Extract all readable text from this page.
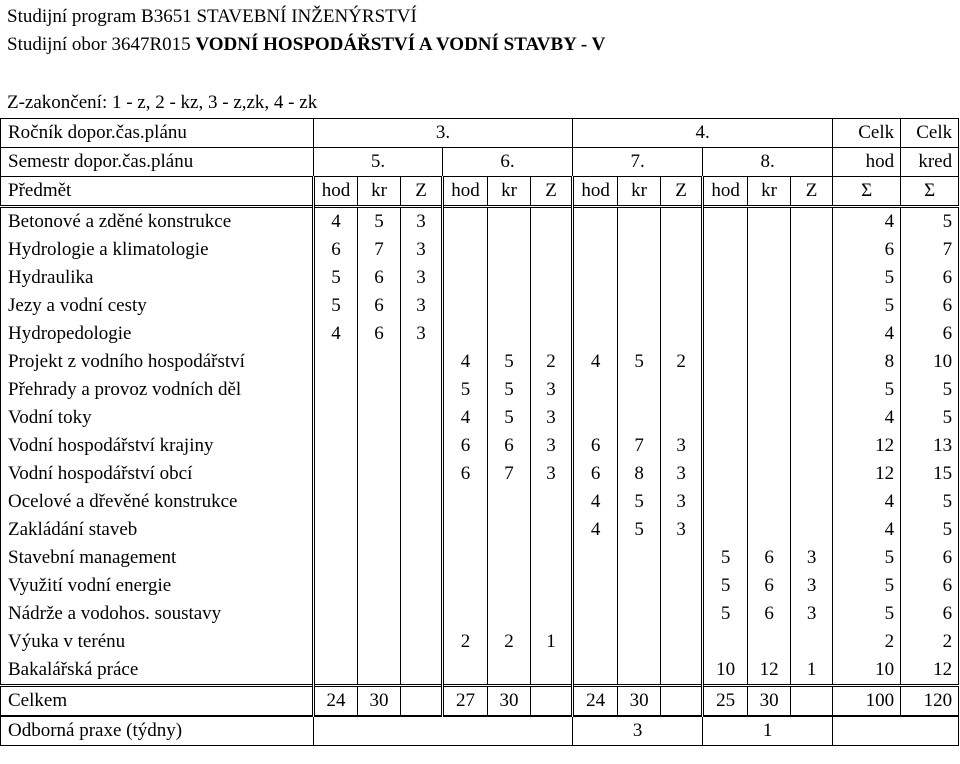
Studijní program B3651 STAVEBNÍ INŽENÝRSTVÍ
Studijní obor 3647R015 VODNÍ HOSPODÁŘSTVÍ A VODNÍ STAVBY - V
Z-zakončení: 1 - z, 2 - kz, 3 - z,zk, 4 - zk
Ročník dopor.čas.plánu	3.						4.						Celk	Celk
Semestr dopor.čas.plánu	5.			6.			7.			8.			hod	kred
Předmět	hod	kr	Z	hod	kr	Z	hod	kr	Z	hod	kr	Z	Σ	Σ
Betonové a zděné konstrukce	4	5	3										4	5
Hydrologie a klimatologie	6	7	3										6	7
Hydraulika	5	6	3										5	6
Jezy a vodní cesty	5	6	3										5	6
Hydropedologie	4	6	3										4	6
Projekt z vodního hospodářství				4	5	2	4	5	2				8	10
Přehrady a provoz vodních děl				5	5	3							5	5
Vodní toky				4	5	3							4	5
Vodní hospodářství krajiny				6	6	3	6	7	3				12	13
Vodní hospodářství obcí				6	7	3	6	8	3				12	15
Ocelové a dřevěné konstrukce							4	5	3				4	5
Zakládání staveb							4	5	3				4	5
Stavební management										5	6	3	5	6
Využití vodní energie										5	6	3	5	6
Nádrže a vodohos. soustavy										5	6	3	5	6
Výuka v terénu				2	2	1							2	2
Bakalářská práce										10	12	1	10	12
Celkem	24	30		27	30		24	30		25	30		100	120
Odborná praxe (týdny)							3			1				
